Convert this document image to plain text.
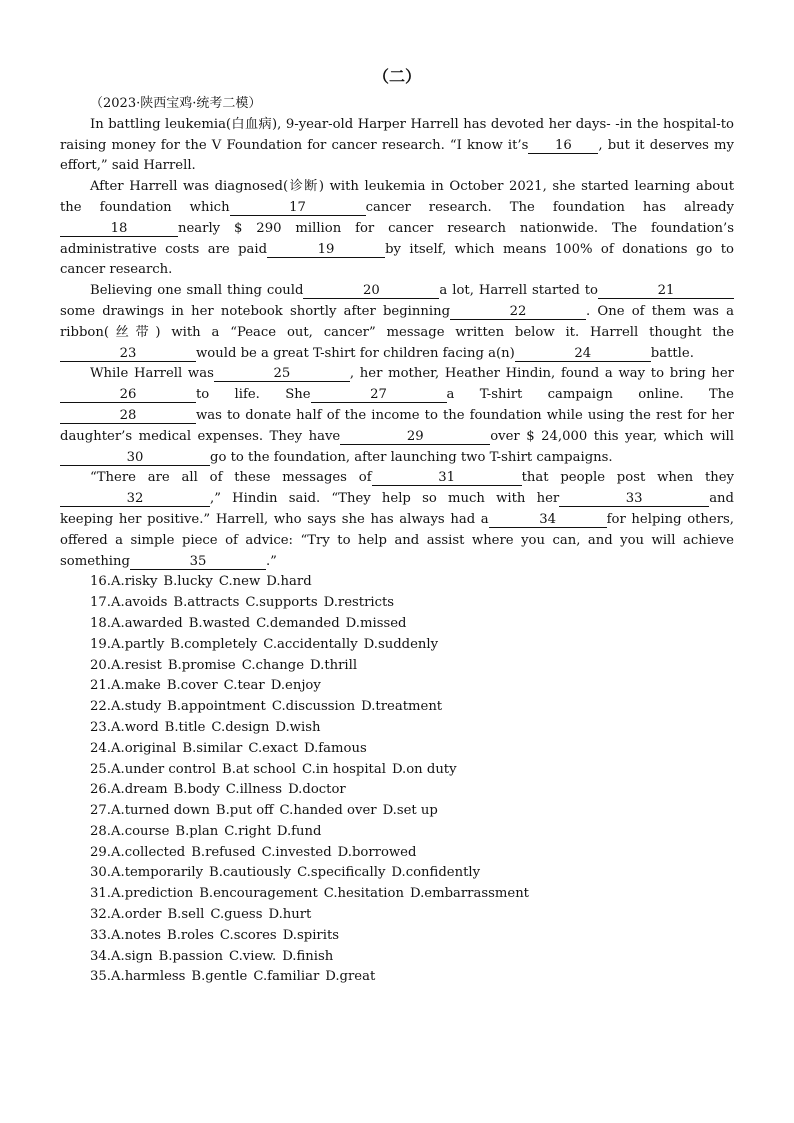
（二）
（2023·陕西宝鸡·统考二模）

In battling leukemia(白血病), 9-year-old Harper Harrell has devoted her days- -in the hospital-to raising money for the V Foundation for cancer research. “I know it’s 16 , but it deserves my effort,” said Harrell.

After Harrell was diagnosed(诊断) with leukemia in October 2021, she started learning about the foundation which	17	cancer research. The foundation has already18	nearly $ 290 million for cancer research nationwide. The foundation’s administrative costs are paid	19	by itself, which means 100% of donations go to cancer research.

Believing one small thing could	20	a lot, Harrell started to	21some drawings in her notebook shortly after beginning	22	. One of them was a ribbon(丝带) with a “Peace out, cancer” message written below it. Harrell thought the23	would be a great T-shirt for children facing a(n)	24	battle.

While Harrell was	25	, her mother, Heather Hindin, found a way to bring her26	to life. She	27	a T-shirt campaign online. The28	was to donate half of the income to the foundation while using the rest for her daughter’s medical expenses. They have	29	over $ 24,000 this year, which will30	go to the foundation, after launching two T-shirt campaigns.

“There are all of these messages of	31	that people post when they32	,” Hindin said. “They help so much with her	33	and keeping her positive.” Harrell, who says she has always had a	34	for helping others, offered a simple piece of advice: “Try to help and assist where you can, and you will achieve something	35	.”

16.A.risky B.lucky C.new D.hard
17.A.avoids B.attracts C.supports D.restricts
18.A.awarded B.wasted C.demanded D.missed
19.A.partly B.completely C.accidentally D.suddenly
20.A.resist B.promise C.change D.thrill
21.A.make B.cover C.tear D.enjoy
22.A.study B.appointment C.discussion D.treatment
23.A.word B.title C.design D.wish
24.A.original B.similar C.exact D.famous
25.A.under control B.at school C.in hospital D.on duty
26.A.dream B.body C.illness D.doctor
27.A.turned down B.put off C.handed over D.set up
28.A.course B.plan C.right D.fund
29.A.collected B.refused C.invested D.borrowed
30.A.temporarily B.cautiously C.specifically D.confidently
31.A.prediction B.encouragement C.hesitation D.embarrassment
32.A.order B.sell C.guess D.hurt
33.A.notes B.roles C.scores D.spirits
34.A.sign B.passion C.view. D.finish
35.A.harmless B.gentle C.familiar D.great
